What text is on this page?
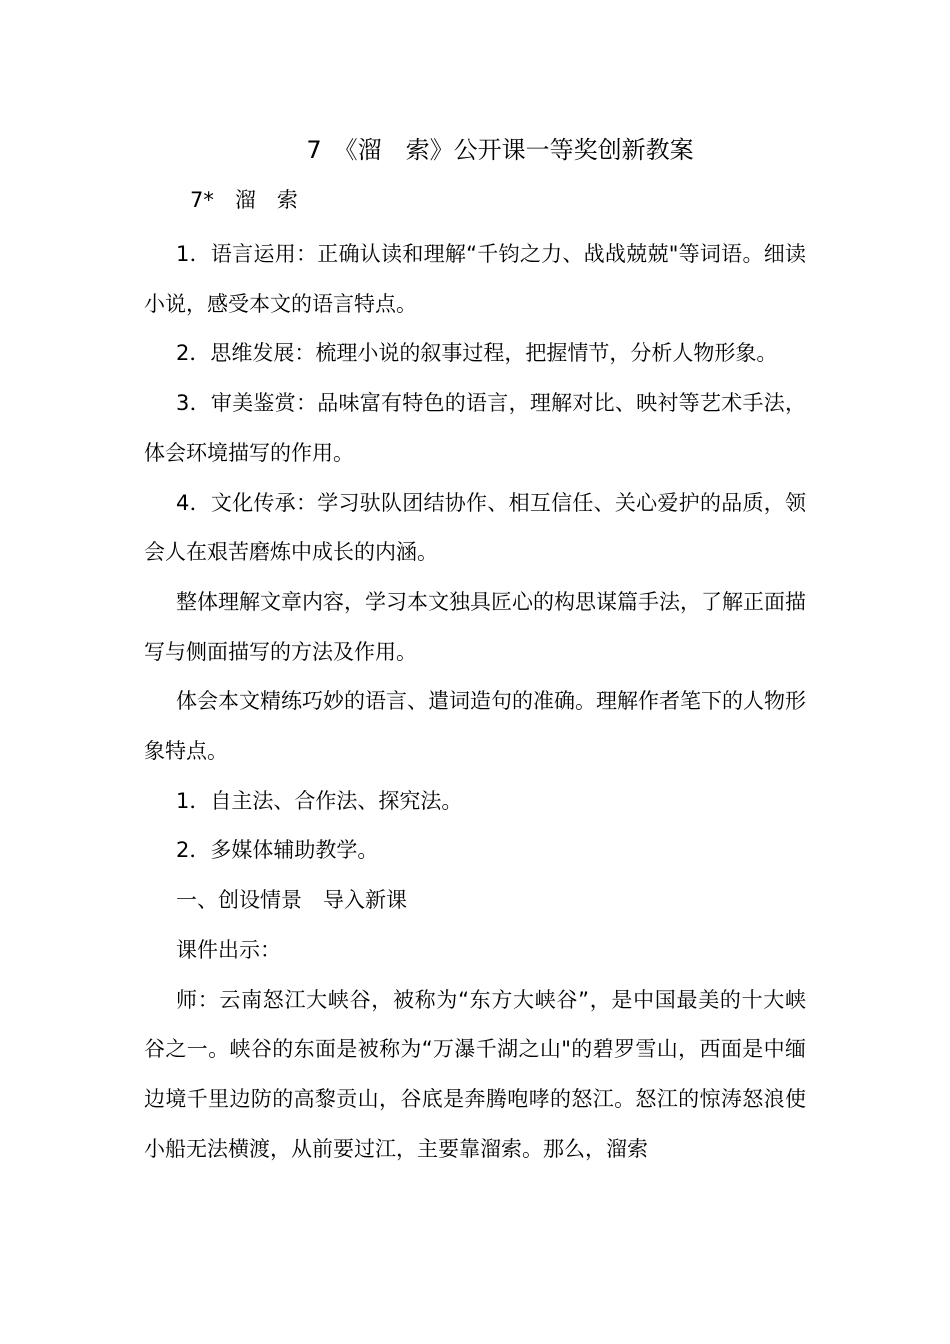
7　《溜　索》公开课一等奖创新教案
7*　溜　索

1．语言运用：正确认读和理解“千钧之力、战战兢兢"等词语。细读小说，感受本文的语言特点。

2．思维发展：梳理小说的叙事过程，把握情节，分析人物形象。

3．审美鉴赏：品味富有特色的语言，理解对比、映衬等艺术手法，体会环境描写的作用。

4．文化传承：学习驮队团结协作、相互信任、关心爱护的品质，领会人在艰苦磨炼中成长的内涵。

整体理解文章内容，学习本文独具匠心的构思谋篇手法，了解正面描写与侧面描写的方法及作用。

体会本文精练巧妙的语言、遣词造句的准确。理解作者笔下的人物形象特点。

1．自主法、合作法、探究法。

2．多媒体辅助教学。

一、创设情景　导入新课

课件出示：

师：云南怒江大峡谷，被称为“东方大峡谷”，是中国最美的十大峡谷之一。峡谷的东面是被称为“万瀑千湖之山"的碧罗雪山，西面是中缅边境千里边防的高黎贡山，谷底是奔腾咆哮的怒江。怒江的惊涛怒浪使小船无法横渡，从前要过江，主要靠溜索。那么，溜索
